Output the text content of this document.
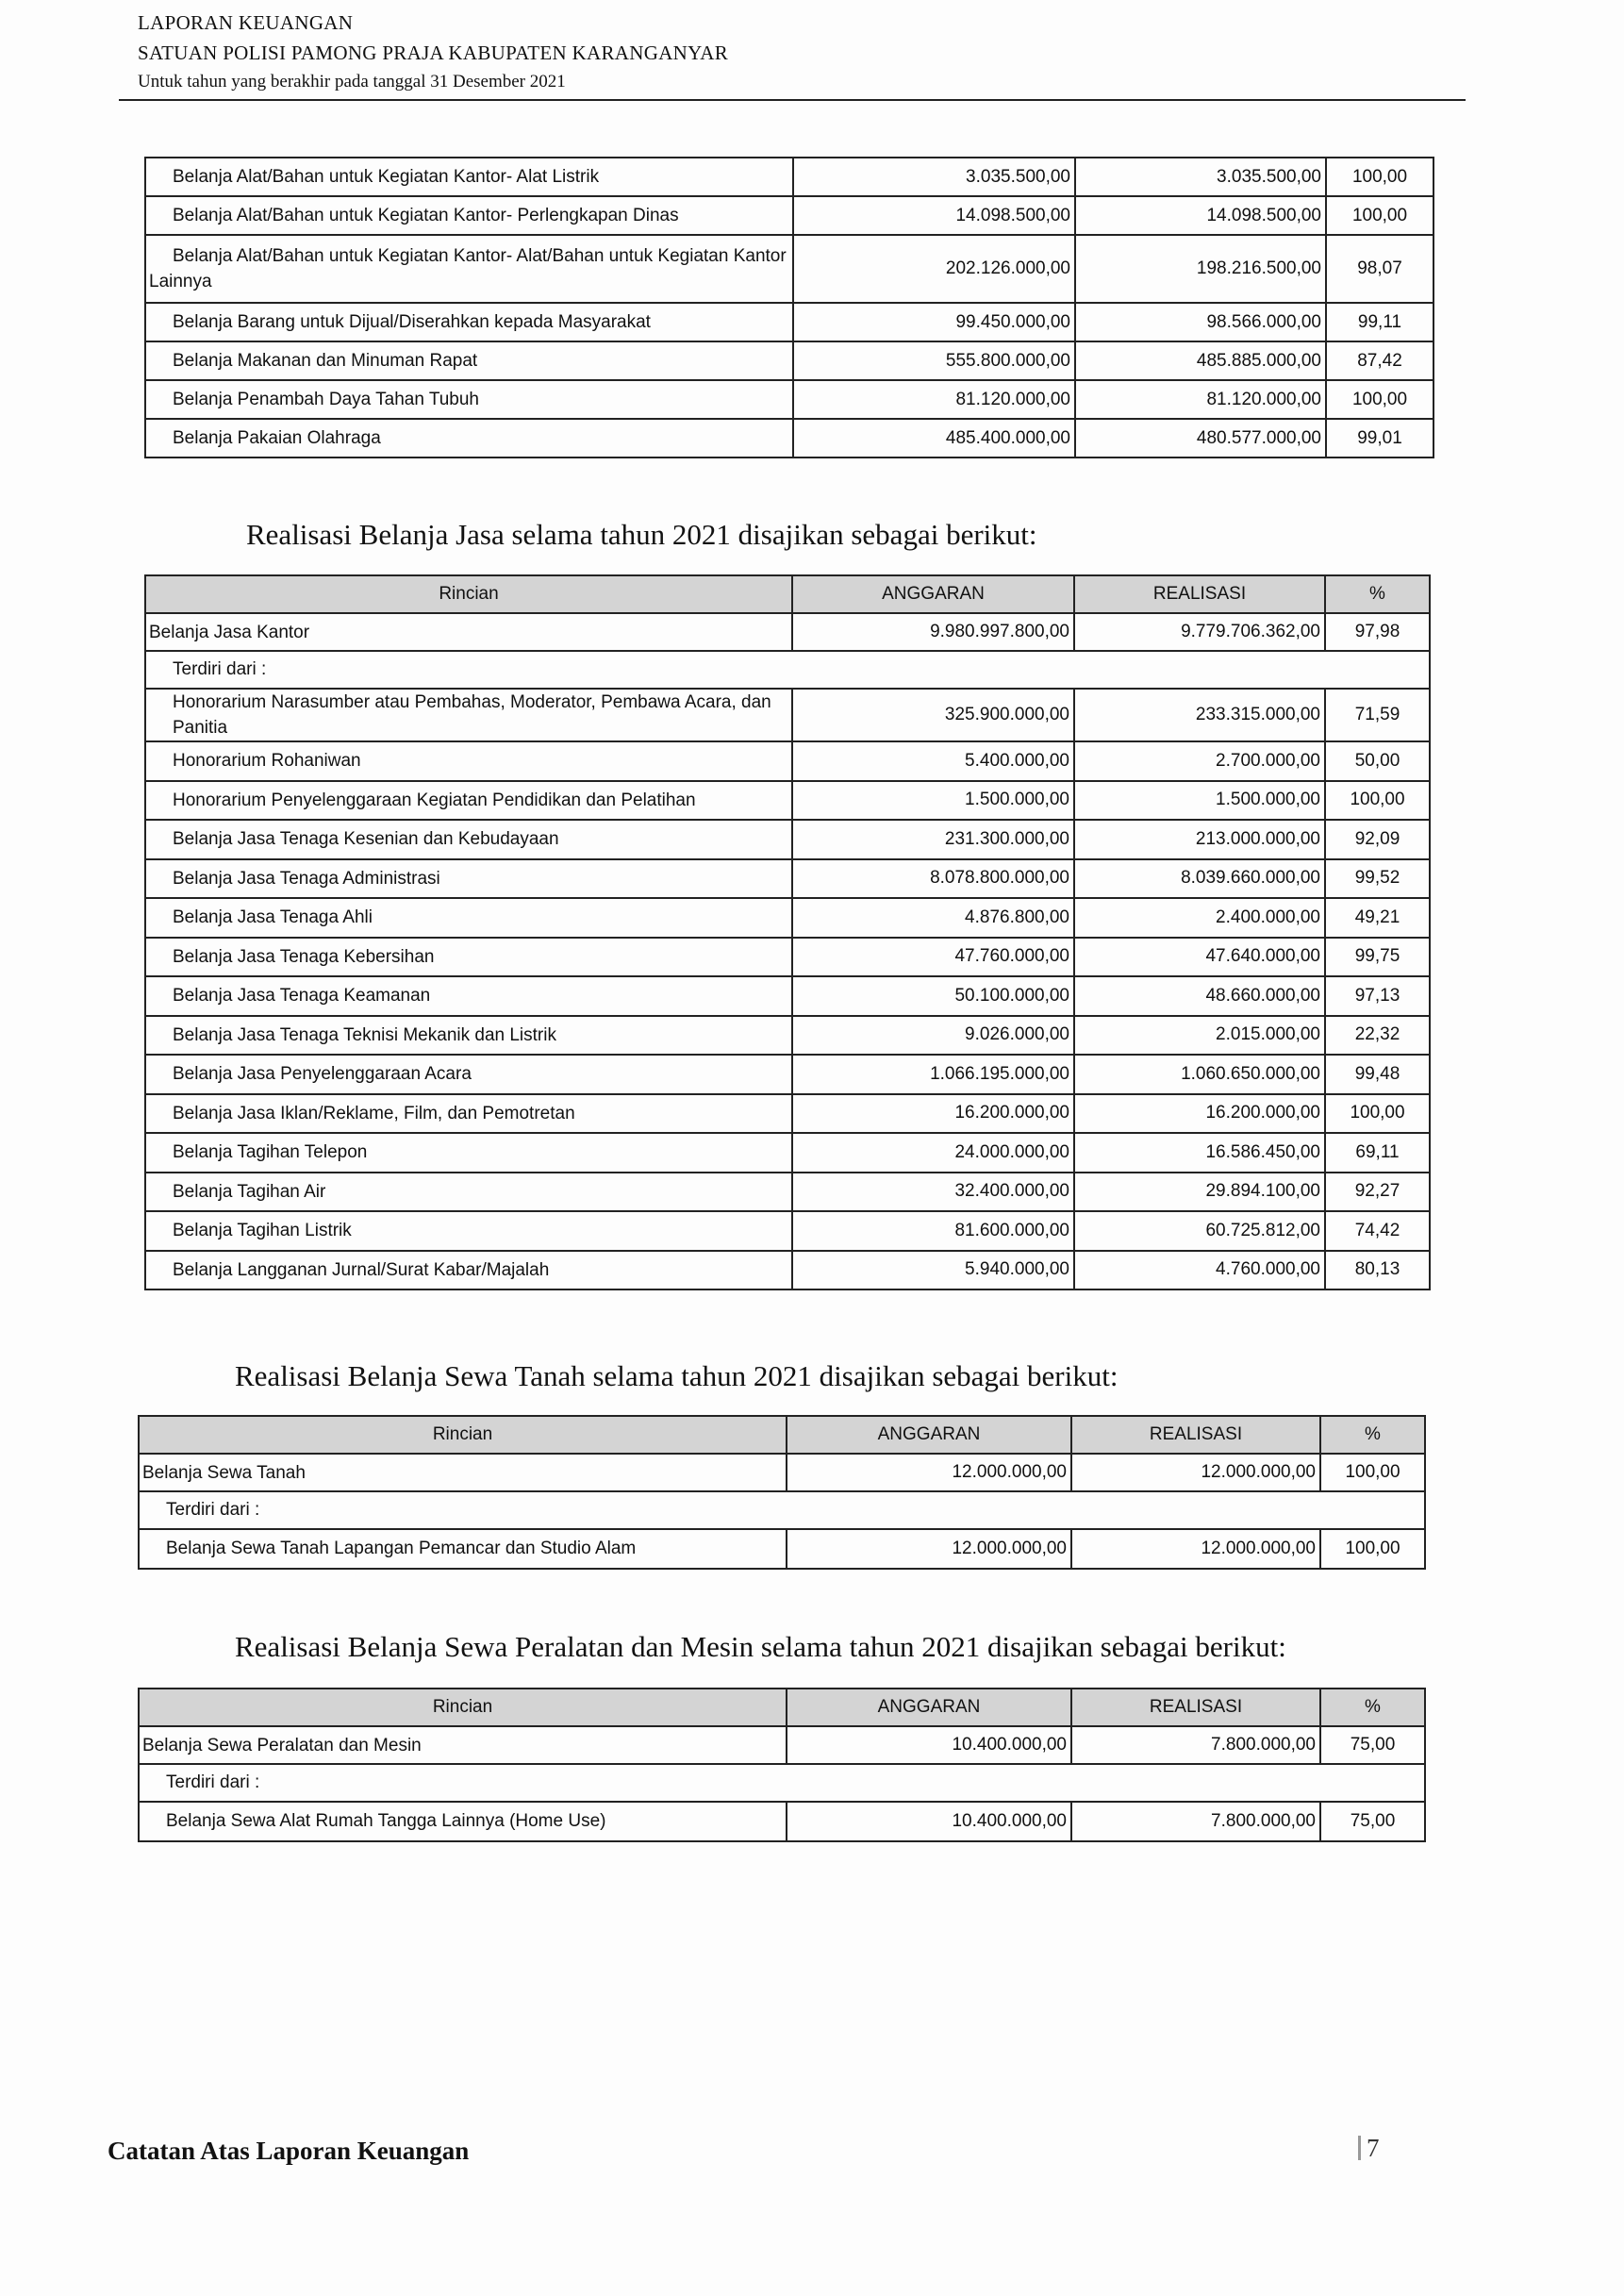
LAPORAN KEUANGAN
SATUAN POLISI PAMONG PRAJA KABUPATEN KARANGANYAR
Untuk tahun yang berakhir pada tanggal 31 Desember 2021
Belanja Alat/Bahan untuk Kegiatan Kantor- Alat Listrik	3.035.500,00	3.035.500,00	100,00
Belanja Alat/Bahan untuk Kegiatan Kantor- Perlengkapan Dinas	14.098.500,00	14.098.500,00	100,00
Belanja Alat/Bahan untuk Kegiatan Kantor- Alat/Bahan untuk Kegiatan Kantor Lainnya	202.126.000,00	198.216.500,00	98,07
Belanja Barang untuk Dijual/Diserahkan kepada Masyarakat	99.450.000,00	98.566.000,00	99,11
Belanja Makanan dan Minuman Rapat	555.800.000,00	485.885.000,00	87,42
Belanja Penambah Daya Tahan Tubuh	81.120.000,00	81.120.000,00	100,00
Belanja Pakaian Olahraga	485.400.000,00	480.577.000,00	99,01
Realisasi Belanja Jasa selama tahun 2021 disajikan sebagai berikut:
Rincian	ANGGARAN	REALISASI	%
Belanja Jasa Kantor	9.980.997.800,00	9.779.706.362,00	97,98
Terdiri dari :			
Honorarium Narasumber atau Pembahas, Moderator, Pembawa Acara, dan Panitia	325.900.000,00	233.315.000,00	71,59
Honorarium Rohaniwan	5.400.000,00	2.700.000,00	50,00
Honorarium Penyelenggaraan Kegiatan Pendidikan dan Pelatihan	1.500.000,00	1.500.000,00	100,00
Belanja Jasa Tenaga Kesenian dan Kebudayaan	231.300.000,00	213.000.000,00	92,09
Belanja Jasa Tenaga Administrasi	8.078.800.000,00	8.039.660.000,00	99,52
Belanja Jasa Tenaga Ahli	4.876.800,00	2.400.000,00	49,21
Belanja Jasa Tenaga Kebersihan	47.760.000,00	47.640.000,00	99,75
Belanja Jasa Tenaga Keamanan	50.100.000,00	48.660.000,00	97,13
Belanja Jasa Tenaga Teknisi Mekanik dan Listrik	9.026.000,00	2.015.000,00	22,32
Belanja Jasa Penyelenggaraan Acara	1.066.195.000,00	1.060.650.000,00	99,48
Belanja Jasa Iklan/Reklame, Film, dan Pemotretan	16.200.000,00	16.200.000,00	100,00
Belanja Tagihan Telepon	24.000.000,00	16.586.450,00	69,11
Belanja Tagihan Air	32.400.000,00	29.894.100,00	92,27
Belanja Tagihan Listrik	81.600.000,00	60.725.812,00	74,42
Belanja Langganan Jurnal/Surat Kabar/Majalah	5.940.000,00	4.760.000,00	80,13
Realisasi Belanja Sewa Tanah selama tahun 2021 disajikan sebagai berikut:
Rincian	ANGGARAN	REALISASI	%
Belanja Sewa Tanah	12.000.000,00	12.000.000,00	100,00
Terdiri dari :			
Belanja Sewa Tanah Lapangan Pemancar dan Studio Alam	12.000.000,00	12.000.000,00	100,00
Realisasi Belanja Sewa Peralatan dan Mesin selama tahun 2021 disajikan sebagai berikut:
Rincian	ANGGARAN	REALISASI	%
Belanja Sewa Peralatan dan Mesin	10.400.000,00	7.800.000,00	75,00
Terdiri dari :			
Belanja Sewa Alat Rumah Tangga Lainnya (Home Use)	10.400.000,00	7.800.000,00	75,00
Catatan Atas Laporan Keuangan	7
